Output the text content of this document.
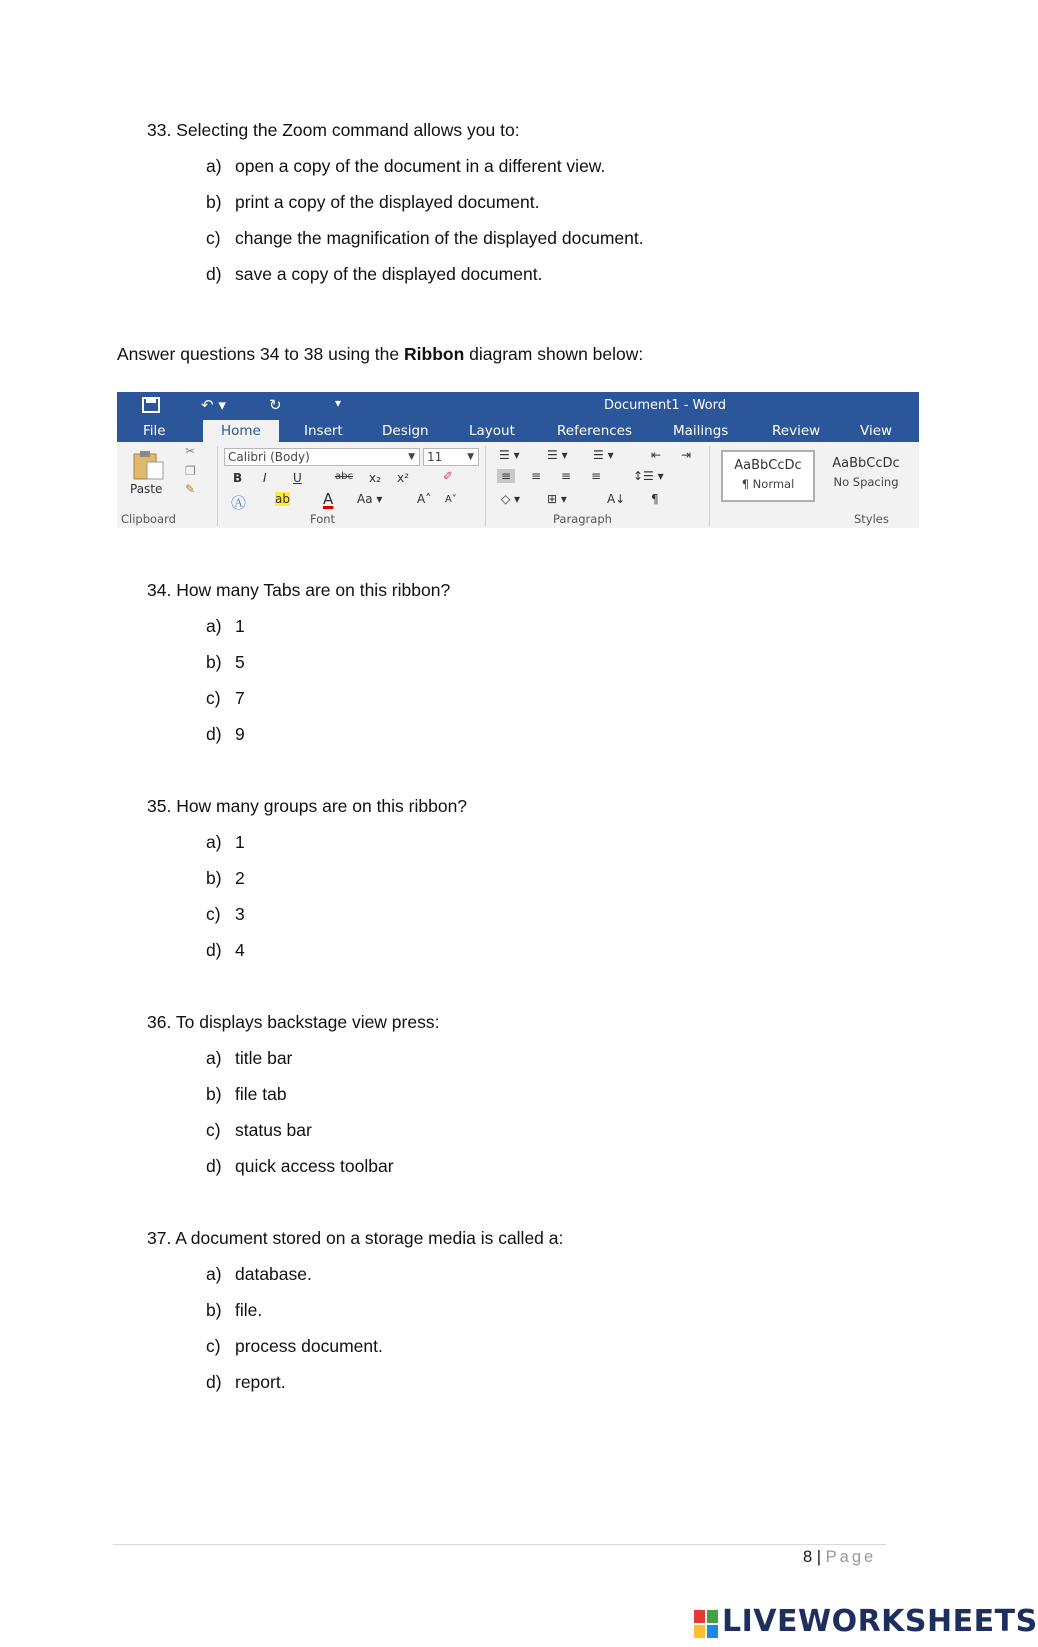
33. Selecting the Zoom command allows you to:
a) open a copy of the document in a different view.
b) print a copy of the displayed document.
c) change the magnification of the displayed document.
d) save a copy of the displayed document.
Answer questions 34 to 38 using the Ribbon diagram shown below:
↶ ▾	↻	▾	Document1 - Word
File	Home	Insert	Design	Layout	References	Mailings	Review	View
Paste
✂
❐
✎
Clipboard
Calibri (Body)	▼	11	▼
B I U	abc x₂ x²	✐
Ⓐ ab A Aa ▾	A˄ A˅
Font
☰ ▾ ☰ ▾ ☰ ▾	⇤ ⇥
≡	≡ ≡ ≡	↕☰ ▾
◇ ▾ ⊞ ▾	A↓ ¶
Paragraph
AaBbCcDc
¶ Normal
AaBbCcDc
No Spacing
Styles
34. How many Tabs are on this ribbon?
a) 1
b) 5
c) 7
d) 9
35. How many groups are on this ribbon?
a) 1
b) 2
c) 3
d) 4
36. To displays backstage view press:
a) title bar
b) file tab
c) status bar
d) quick access toolbar
37. A document stored on a storage media is called a:
a) database.
b) file.
c) process document.
d) report.
8 | Page
LIVEWORKSHEETS
